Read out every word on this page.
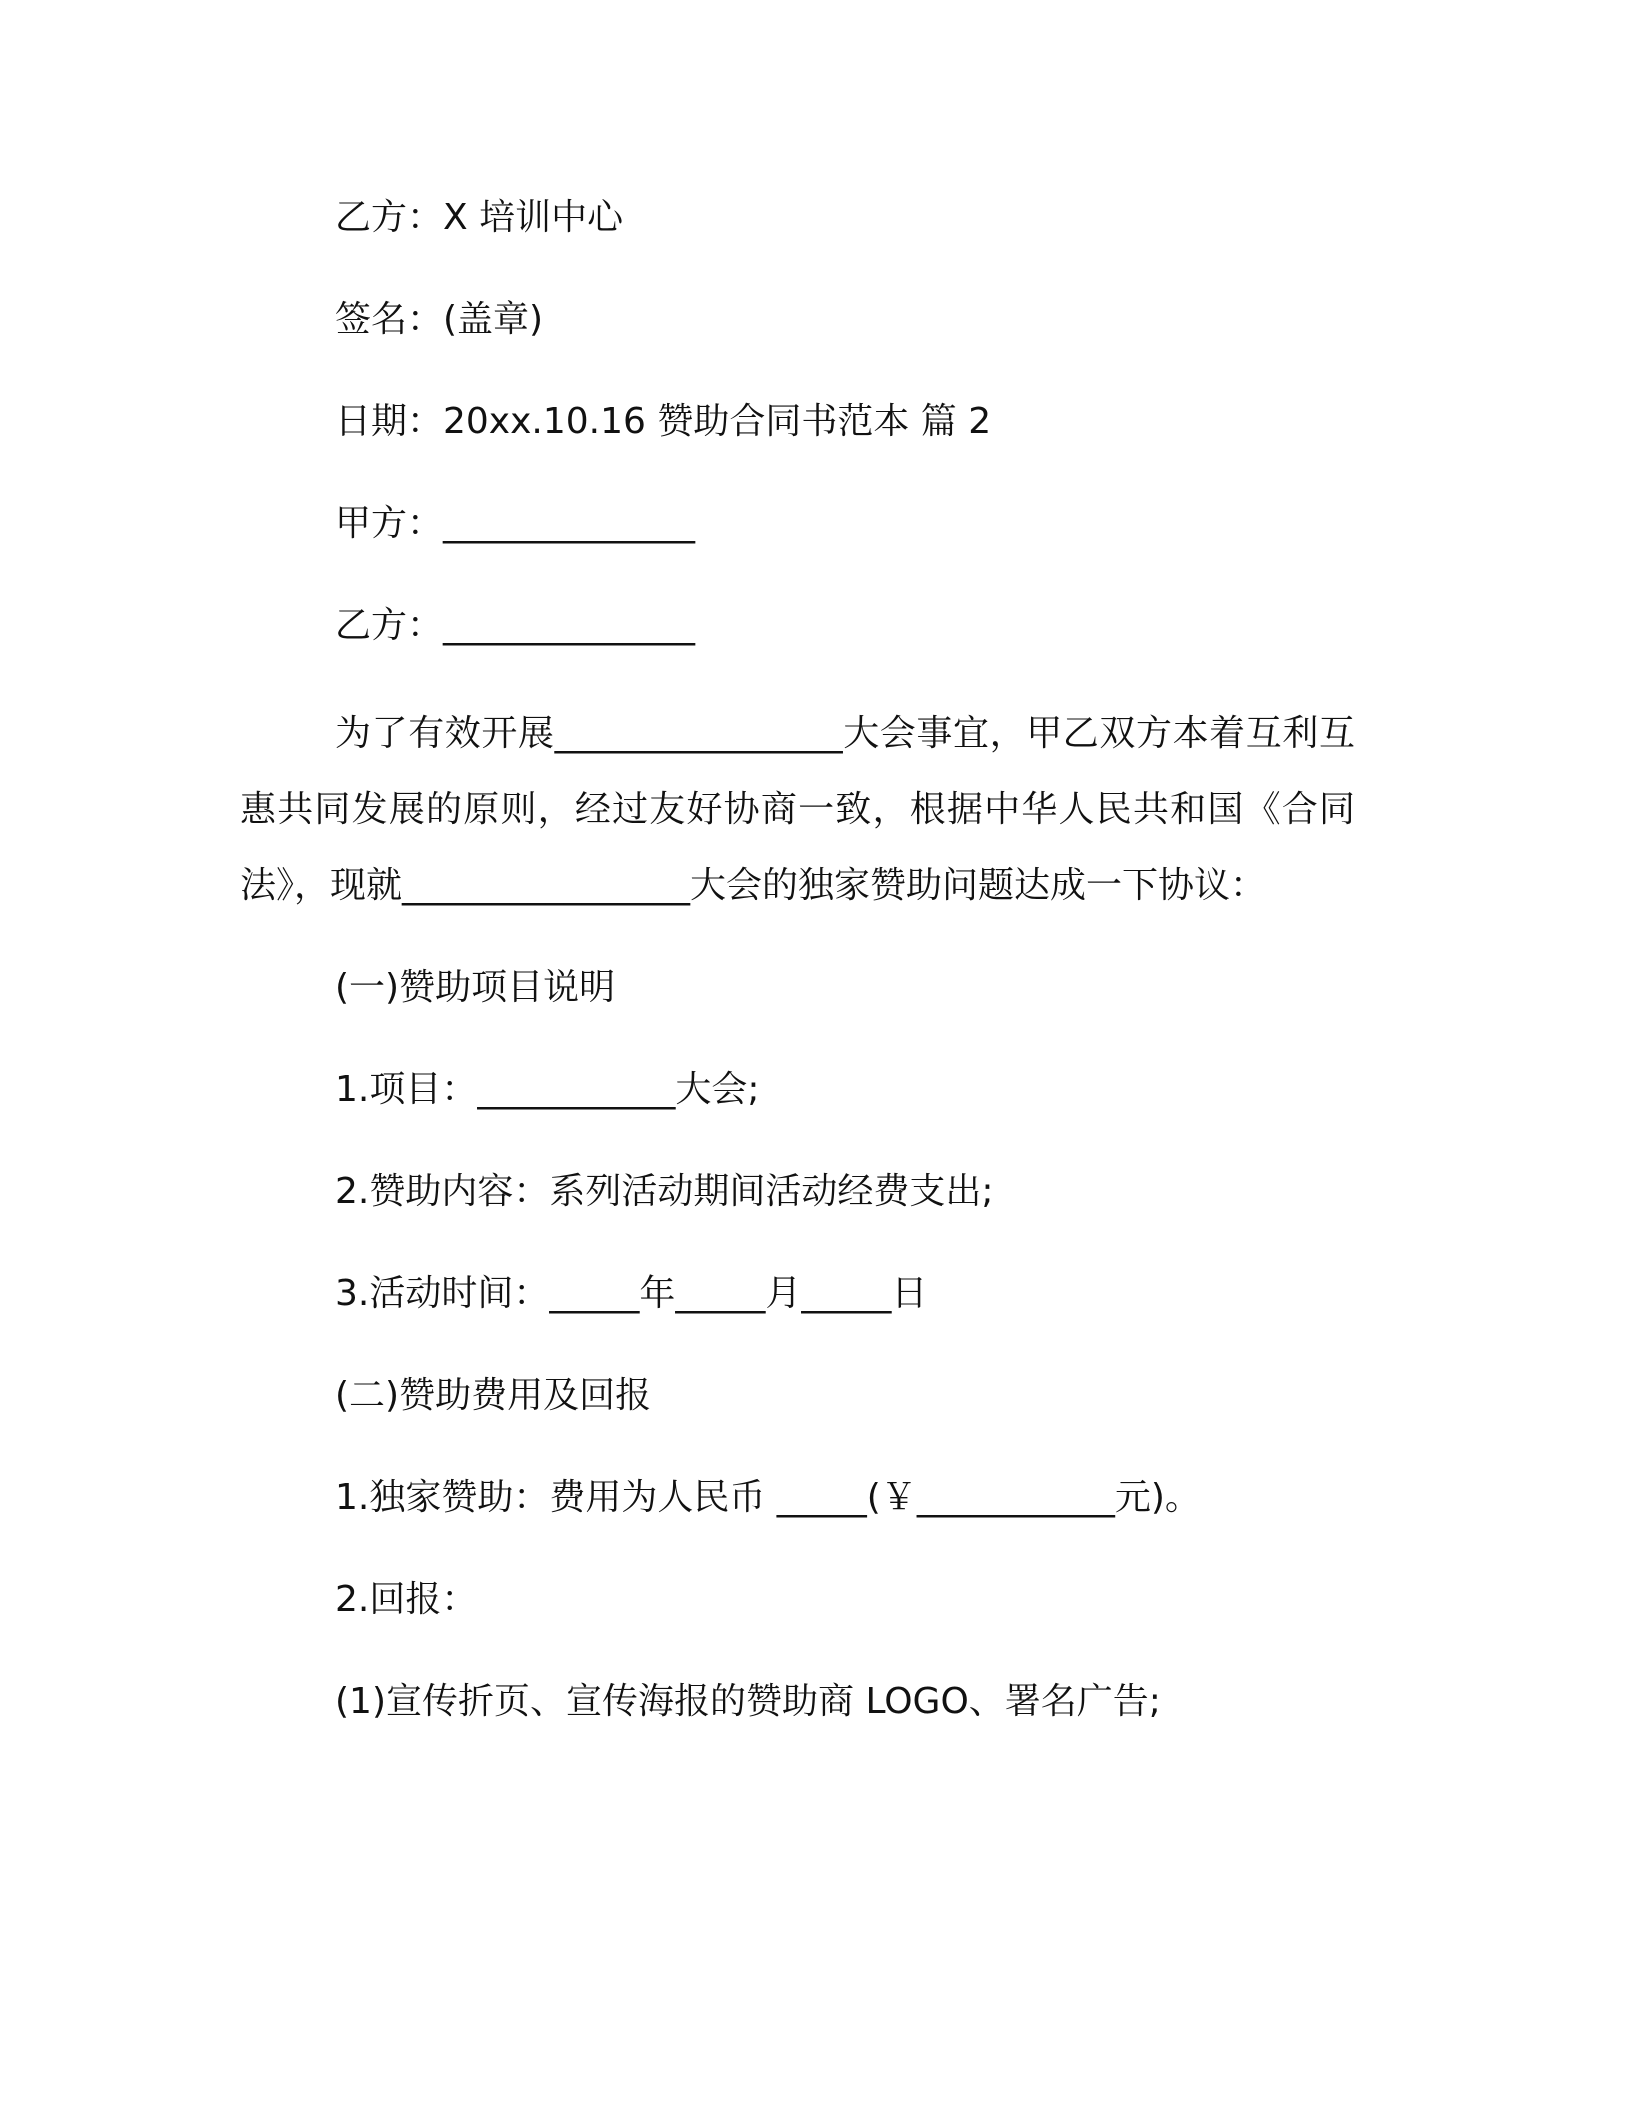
乙方：X 培训中心

签名：(盖章)

日期：20xx.10.16 赞助合同书范本 篇 2

甲方：______________

乙方：______________

为了有效开展________________大会事宜，甲乙双方本着互利互惠共同发展的原则，经过友好协商一致，根据中华人民共和国《合同法》，现就________________大会的独家赞助问题达成一下协议：

(一)赞助项目说明

1.项目：___________大会;

2.赞助内容：系列活动期间活动经费支出;

3.活动时间：_____年_____月_____日

(二)赞助费用及回报

1.独家赞助：费用为人民币 _____(￥___________元)。

2.回报：

(1)宣传折页、宣传海报的赞助商 LOGO、署名广告;
